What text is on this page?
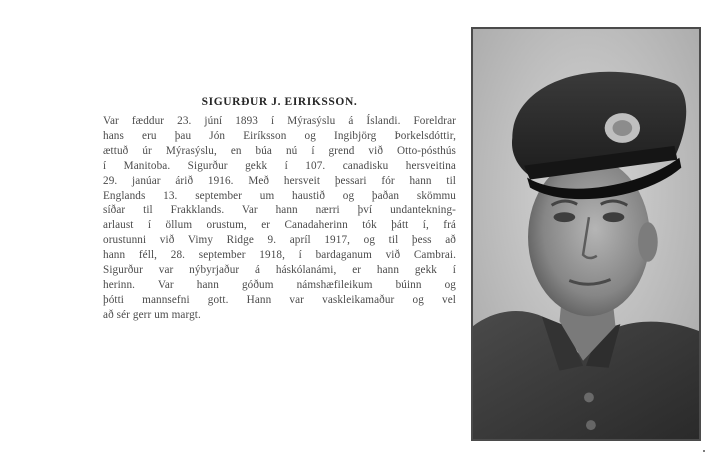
SIGURÐUR J. EIRIKSSON.

Var fæddur 23. júní 1893 í Mýrasýslu á Íslandi. Foreldrar
hans eru þau Jón Eiríksson og Ingibjörg Þorkelsdóttir,
ættuð úr Mýrasýslu, en búa nú í grend við Otto-pósthús
í Manitoba. Sigurður gekk í 107. canadisku hersveitina
29. janúar árið 1916. Með hersveit þessari fór hann til
Englands 13. september um haustið og þaðan skömmu
síðar til Frakklands. Var hann nærri því undantekning-
arlaust í öllum orustum, er Canadaherinn tók þátt í, frá
orustunni við Vimy Ridge 9. apríl 1917, og til þess að
hann féll, 28. september 1918, í bardaganum við Cambrai.
Sigurður var nýbyrjaður á háskólanámi, er hann gekk í
herinn. Var hann góðum námshæfileikum búinn og
þótti mannsefni gott. Hann var vaskleikamaður og vel
að sér gerr um margt.
